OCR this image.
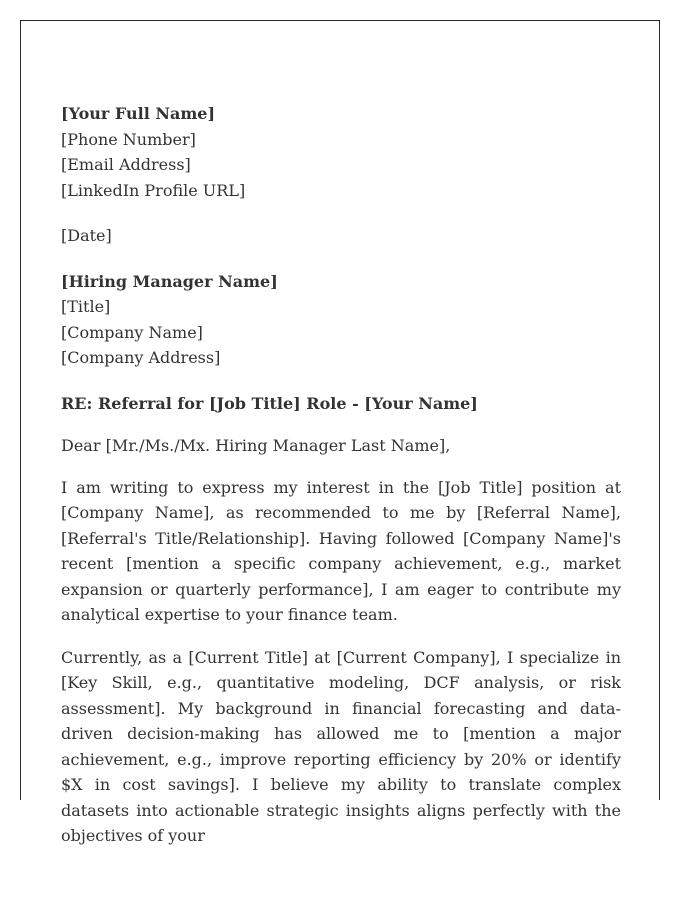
[Your Full Name]
[Phone Number]
[Email Address]
[LinkedIn Profile URL]
[Date]
[Hiring Manager Name]
[Title]
[Company Name]
[Company Address]
RE: Referral for [Job Title] Role - [Your Name]
Dear [Mr./Ms./Mx. Hiring Manager Last Name],

I am writing to express my interest in the [Job Title] position at [Company Name], as recommended to me by [Referral Name], [Referral's Title/Relationship]. Having followed [Company Name]'s recent [mention a specific company achievement, e.g., market expansion or quarterly performance], I am eager to contribute my analytical expertise to your finance team.

Currently, as a [Current Title] at [Current Company], I specialize in [Key Skill, e.g., quantitative modeling, DCF analysis, or risk assessment]. My background in financial forecasting and data-driven decision-making has allowed me to [mention a major achievement, e.g., improve reporting efficiency by 20% or identify $X in cost savings]. I believe my ability to translate complex datasets into actionable strategic insights aligns perfectly with the objectives of your
